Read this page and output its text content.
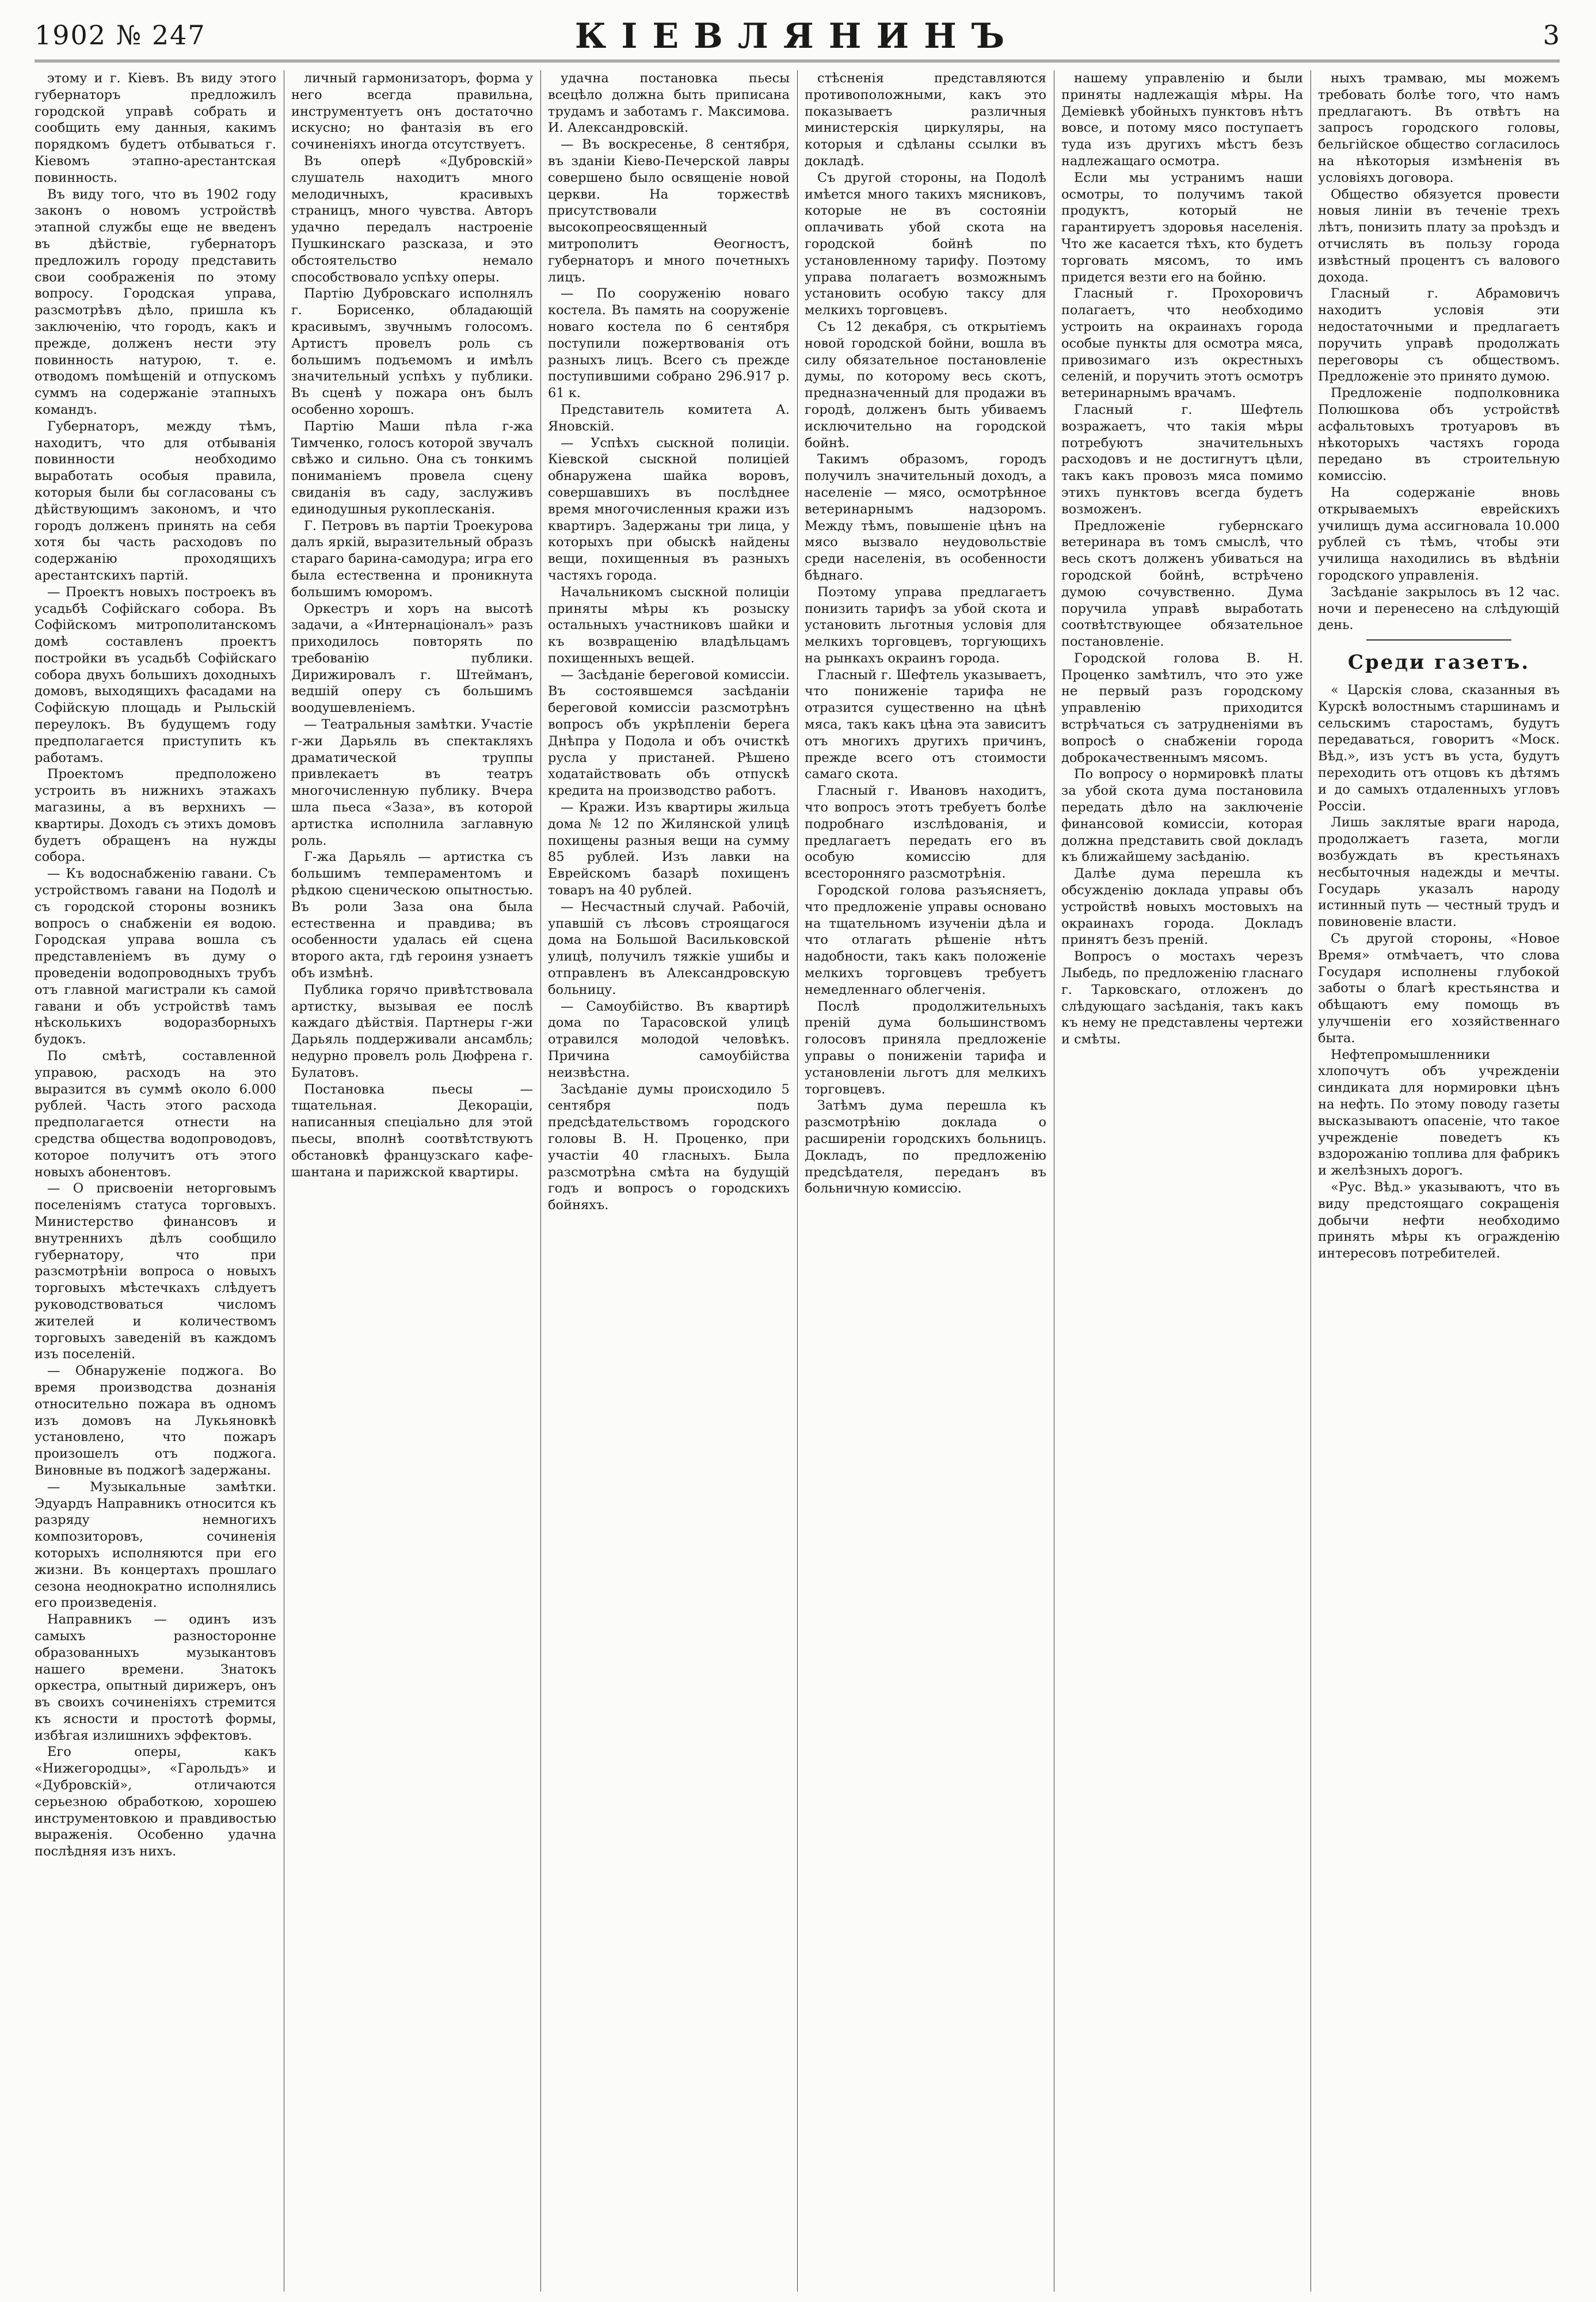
1902 № 247	КІЕВЛЯНИНЪ	3

этому и г. Кіевъ. Въ виду этого губернаторъ предложилъ городской управѣ собрать и сообщить ему данныя, какимъ порядкомъ будетъ отбываться г. Кіевомъ этапно-арестантская повинность.

Въ виду того, что въ 1902 году законъ о новомъ устройствѣ этапной службы еще не введенъ въ дѣйствіе, губернаторъ предложилъ городу представить свои соображенія по этому вопросу. Городская управа, разсмотрѣвъ дѣло, пришла къ заключенію, что городъ, какъ и прежде, долженъ нести эту повинность натурою, т. е. отводомъ помѣщеній и отпускомъ суммъ на содержаніе этапныхъ командъ.

Губернаторъ, между тѣмъ, находитъ, что для отбыванія повинности необходимо выработать особыя правила, которыя были бы согласованы съ дѣйствующимъ закономъ, и что городъ долженъ принять на себя хотя бы часть расходовъ по содержанію проходящихъ арестантскихъ партій.

— Проектъ новыхъ построекъ въ усадьбѣ Софійскаго собора. Въ Софійскомъ митрополитанскомъ домѣ составленъ проектъ постройки въ усадьбѣ Софійскаго собора двухъ большихъ доходныхъ домовъ, выходящихъ фасадами на Софійскую площадь и Рыльскій переулокъ. Въ будущемъ году предполагается приступить къ работамъ.

Проектомъ предположено устроить въ нижнихъ этажахъ магазины, а въ верхнихъ — квартиры. Доходъ съ этихъ домовъ будетъ обращенъ на нужды собора.

— Къ водоснабженію гавани. Съ устройствомъ гавани на Подолѣ и съ городской стороны возникъ вопросъ о снабженіи ея водою. Городская управа вошла съ представленіемъ въ думу о проведеніи водопроводныхъ трубъ отъ главной магистрали къ самой гавани и объ устройствѣ тамъ нѣсколькихъ водоразборныхъ будокъ.

По смѣтѣ, составленной управою, расходъ на это выразится въ суммѣ около 6.000 рублей. Часть этого расхода предполагается отнести на средства общества водопроводовъ, которое получитъ отъ этого новыхъ абонентовъ.

— О присвоеніи неторговымъ поселеніямъ статуса торговыхъ. Министерство финансовъ и внутреннихъ дѣлъ сообщило губернатору, что при разсмотрѣніи вопроса о новыхъ торговыхъ мѣстечкахъ слѣдуетъ руководствоваться числомъ жителей и количествомъ торговыхъ заведеній въ каждомъ изъ поселеній.

— Обнаруженіе поджога. Во время производства дознанія относительно пожара въ одномъ изъ домовъ на Лукьяновкѣ установлено, что пожаръ произошелъ отъ поджога. Виновные въ поджогѣ задержаны.

— Музыкальные замѣтки. Эдуардъ Направникъ относится къ разряду немногихъ композиторовъ, сочиненія которыхъ исполняются при его жизни. Въ концертахъ прошлаго сезона неоднократно исполнялись его произведенія.

Направникъ — одинъ изъ самыхъ разносторонне образованныхъ музыкантовъ нашего времени. Знатокъ оркестра, опытный дирижеръ, онъ въ своихъ сочиненіяхъ стремится къ ясности и простотѣ формы, избѣгая излишнихъ эффектовъ.

Его оперы, какъ «Нижегородцы», «Гарольдъ» и «Дубровскій», отличаются серьезною обработкою, хорошею инструментовкою и правдивостью выраженія. Особенно удачна послѣдняя изъ нихъ.

личный гармонизаторъ, форма у него всегда правильна, инструментуетъ онъ достаточно искусно; но фантазія въ его сочиненіяхъ иногда отсутствуетъ.

Въ оперѣ «Дубровскій» слушатель находитъ много мелодичныхъ, красивыхъ страницъ, много чувства. Авторъ удачно передалъ настроеніе Пушкинскаго разсказа, и это обстоятельство немало способствовало успѣху оперы.

Партію Дубровскаго исполнялъ г. Борисенко, обладающій красивымъ, звучнымъ голосомъ. Артистъ провелъ роль съ большимъ подъемомъ и имѣлъ значительный успѣхъ у публики. Въ сценѣ у пожара онъ былъ особенно хорошъ.

Партію Маши пѣла г-жа Тимченко, голосъ которой звучалъ свѣжо и сильно. Она съ тонкимъ пониманіемъ провела сцену свиданія въ саду, заслуживъ единодушныя рукоплесканія.

Г. Петровъ въ партіи Троекурова далъ яркій, выразительный образъ стараго барина-самодура; игра его была естественна и проникнута большимъ юморомъ.

Оркестръ и хоръ на высотѣ задачи, а «Интернаціоналъ» разъ приходилось повторять по требованію публики. Дирижировалъ г. Штейманъ, ведшій оперу съ большимъ воодушевленіемъ.

— Театральныя замѣтки. Участіе г-жи Дарьяль въ спектакляхъ драматической труппы привлекаетъ въ театръ многочисленную публику. Вчера шла пьеса «Заза», въ которой артистка исполнила заглавную роль.

Г-жа Дарьяль — артистка съ большимъ темпераментомъ и рѣдкою сценическою опытностью. Въ роли Заза она была естественна и правдива; въ особенности удалась ей сцена второго акта, гдѣ героиня узнаетъ объ измѣнѣ.

Публика горячо привѣтствовала артистку, вызывая ее послѣ каждаго дѣйствія. Партнеры г-жи Дарьяль поддерживали ансамбль; недурно провелъ роль Дюфрена г. Булатовъ.

Постановка пьесы — тщательная. Декораціи, написанныя спеціально для этой пьесы, вполнѣ соотвѣтствуютъ обстановкѣ французскаго кафе-шантана и парижской квартиры.

удачна постановка пьесы всецѣло должна быть приписана трудамъ и заботамъ г. Максимова. И. Александровскій.

— Въ воскресенье, 8 сентября, въ зданіи Кіево-Печерской лавры совершено было освященіе новой церкви. На торжествѣ присутствовали высокопреосвященный митрополитъ Ѳеогностъ, губернаторъ и много почетныхъ лицъ.

— По сооруженію новаго костела. Въ память на сооруженіе новаго костела по 6 сентября поступили пожертвованія отъ разныхъ лицъ. Всего съ прежде поступившими собрано 296.917 р. 61 к.

Представитель комитета А. Яновскій.

— Успѣхъ сыскной полиціи. Кіевской сыскной полиціей обнаружена шайка воровъ, совершавшихъ въ послѣднее время многочисленныя кражи изъ квартиръ. Задержаны три лица, у которыхъ при обыскѣ найдены вещи, похищенныя въ разныхъ частяхъ города.

Начальникомъ сыскной полиціи приняты мѣры къ розыску остальныхъ участниковъ шайки и къ возвращенію владѣльцамъ похищенныхъ вещей.

— Засѣданіе береговой комиссіи. Въ состоявшемся засѣданіи береговой комиссіи разсмотрѣнъ вопросъ объ укрѣпленіи берега Днѣпра у Подола и объ очисткѣ русла у пристаней. Рѣшено ходатайствовать объ отпускѣ кредита на производство работъ.

— Кражи. Изъ квартиры жильца дома № 12 по Жилянской улицѣ похищены разныя вещи на сумму 85 рублей. Изъ лавки на Еврейскомъ базарѣ похищенъ товаръ на 40 рублей.

— Несчастный случай. Рабочій, упавшій съ лѣсовъ строящагося дома на Большой Васильковской улицѣ, получилъ тяжкіе ушибы и отправленъ въ Александровскую больницу.

— Самоубійство. Въ квартирѣ дома по Тарасовской улицѣ отравился молодой человѣкъ. Причина самоубійства неизвѣстна.

Засѣданіе думы происходило 5 сентября подъ предсѣдательствомъ городского головы В. Н. Проценко, при участіи 40 гласныхъ. Была разсмотрѣна смѣта на будущій годъ и вопросъ о городскихъ бойняхъ.

стѣсненія представляются противоположными, какъ это показываетъ различныя министерскія циркуляры, на которыя и сдѣланы ссылки въ докладѣ.

Съ другой стороны, на Подолѣ имѣется много такихъ мясниковъ, которые не въ состояніи оплачивать убой скота на городской бойнѣ по установленному тарифу. Поэтому управа полагаетъ возможнымъ установить особую таксу для мелкихъ торговцевъ.

Съ 12 декабря, съ открытіемъ новой городской бойни, вошла въ силу обязательное постановленіе думы, по которому весь скотъ, предназначенный для продажи въ городѣ, долженъ быть убиваемъ исключительно на городской бойнѣ.

Такимъ образомъ, городъ получилъ значительный доходъ, а населеніе — мясо, осмотрѣнное ветеринарнымъ надзоромъ. Между тѣмъ, повышеніе цѣнъ на мясо вызвало неудовольствіе среди населенія, въ особенности бѣднаго.

Поэтому управа предлагаетъ понизить тарифъ за убой скота и установить льготныя условія для мелкихъ торговцевъ, торгующихъ на рынкахъ окраинъ города.

Гласный г. Шефтель указываетъ, что пониженіе тарифа не отразится существенно на цѣнѣ мяса, такъ какъ цѣна эта зависитъ отъ многихъ другихъ причинъ, прежде всего отъ стоимости самаго скота.

Гласный г. Ивановъ находитъ, что вопросъ этотъ требуетъ болѣе подробнаго изслѣдованія, и предлагаетъ передать его въ особую комиссію для всесторонняго разсмотрѣнія.

Городской голова разъясняетъ, что предложеніе управы основано на тщательномъ изученіи дѣла и что отлагать рѣшеніе нѣтъ надобности, такъ какъ положеніе мелкихъ торговцевъ требуетъ немедленнаго облегченія.

Послѣ продолжительныхъ преній дума большинствомъ голосовъ приняла предложеніе управы о пониженіи тарифа и установленіи льготъ для мелкихъ торговцевъ.

Затѣмъ дума перешла къ разсмотрѣнію доклада о расширеніи городскихъ больницъ. Докладъ, по предложенію предсѣдателя, переданъ въ больничную комиссію.

нашему управленію и были приняты надлежащія мѣры. На Деміевкѣ убойныхъ пунктовъ нѣтъ вовсе, и потому мясо поступаетъ туда изъ другихъ мѣстъ безъ надлежащаго осмотра.

Если мы устранимъ наши осмотры, то получимъ такой продуктъ, который не гарантируетъ здоровья населенія. Что же касается тѣхъ, кто будетъ торговать мясомъ, то имъ придется везти его на бойню.

Гласный г. Прохоровичъ полагаетъ, что необходимо устроить на окраинахъ города особые пункты для осмотра мяса, привозимаго изъ окрестныхъ селеній, и поручить этотъ осмотръ ветеринарнымъ врачамъ.

Гласный г. Шефтель возражаетъ, что такія мѣры потребуютъ значительныхъ расходовъ и не достигнутъ цѣли, такъ какъ провозъ мяса помимо этихъ пунктовъ всегда будетъ возможенъ.

Предложеніе губернскаго ветеринара въ томъ смыслѣ, что весь скотъ долженъ убиваться на городской бойнѣ, встрѣчено думою сочувственно. Дума поручила управѣ выработать соотвѣтствующее обязательное постановленіе.

Городской голова В. Н. Проценко замѣтилъ, что это уже не первый разъ городскому управленію приходится встрѣчаться съ затрудненіями въ вопросѣ о снабженіи города доброкачественнымъ мясомъ.

По вопросу о нормировкѣ платы за убой скота дума постановила передать дѣло на заключеніе финансовой комиссіи, которая должна представить свой докладъ къ ближайшему засѣданію.

Далѣе дума перешла къ обсужденію доклада управы объ устройствѣ новыхъ мостовыхъ на окраинахъ города. Докладъ принятъ безъ преній.

Вопросъ о мостахъ черезъ Лыбедь, по предложенію гласнаго г. Тарковскаго, отложенъ до слѣдующаго засѣданія, такъ какъ къ нему не представлены чертежи и смѣты.

ныхъ трамваю, мы можемъ требовать болѣе того, что намъ предлагаютъ. Въ отвѣтъ на запросъ городского головы, бельгійское общество согласилось на нѣкоторыя измѣненія въ условіяхъ договора.

Общество обязуется провести новыя линіи въ теченіе трехъ лѣтъ, понизить плату за проѣздъ и отчислять въ пользу города извѣстный процентъ съ валового дохода.

Гласный г. Абрамовичъ находитъ условія эти недостаточными и предлагаетъ поручить управѣ продолжать переговоры съ обществомъ. Предложеніе это принято думою.

Предложеніе подполковника Полюшкова объ устройствѣ асфальтовыхъ тротуаровъ въ нѣкоторыхъ частяхъ города передано въ строительную комиссію.

На содержаніе вновь открываемыхъ еврейскихъ училищъ дума ассигновала 10.000 рублей съ тѣмъ, чтобы эти училища находились въ вѣдѣніи городского управленія.

Засѣданіе закрылось въ 12 час. ночи и перенесено на слѣдующій день.

Среди газетъ.

« Царскія слова, сказанныя въ Курскѣ волостнымъ старшинамъ и сельскимъ старостамъ, будутъ передаваться, говоритъ «Моск. Вѣд.», изъ устъ въ уста, будутъ переходить отъ отцовъ къ дѣтямъ и до самыхъ отдаленныхъ угловъ Россіи.

Лишь заклятые враги народа, продолжаетъ газета, могли возбуждать въ крестьянахъ несбыточныя надежды и мечты. Государь указалъ народу истинный путь — честный трудъ и повиновеніе власти.

Съ другой стороны, «Новое Время» отмѣчаетъ, что слова Государя исполнены глубокой заботы о благѣ крестьянства и обѣщаютъ ему помощь въ улучшеніи его хозяйственнаго быта.

Нефтепромышленники хлопочутъ объ учрежденіи синдиката для нормировки цѣнъ на нефть. По этому поводу газеты высказываютъ опасеніе, что такое учрежденіе поведетъ къ вздорожанію топлива для фабрикъ и желѣзныхъ дорогъ.

«Рус. Вѣд.» указываютъ, что въ виду предстоящаго сокращенія добычи нефти необходимо принять мѣры къ огражденію интересовъ потребителей.
